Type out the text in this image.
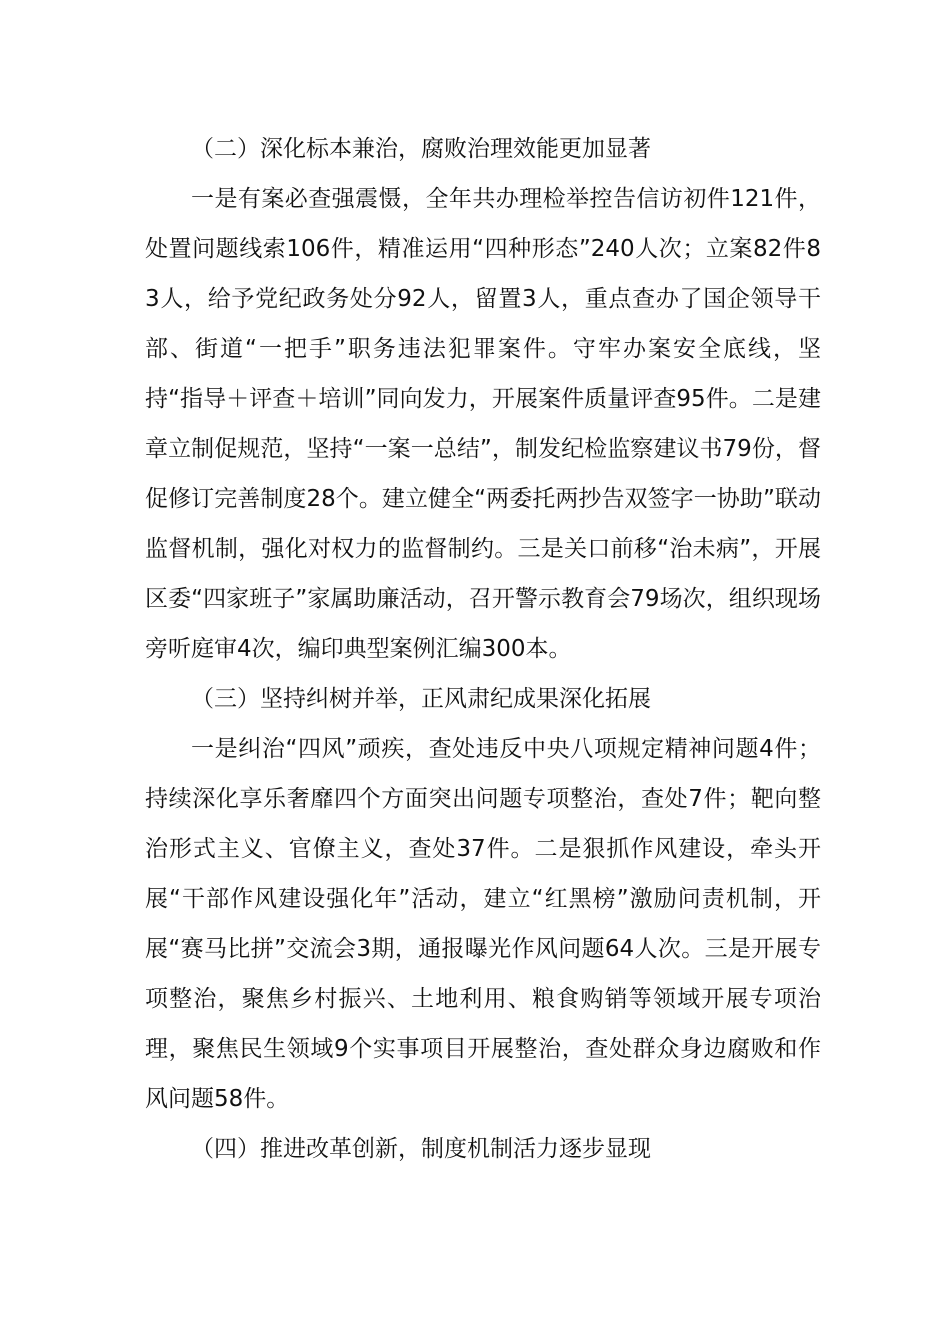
（二）深化标本兼治，腐败治理效能更加显著

一是有案必查强震慑，全年共办理检举控告信访初件121件，处置问题线索106件，精准运用“四种形态”240人次；立案82件83人，给予党纪政务处分92人，留置3人，重点查办了国企领导干部、街道“一把手”职务违法犯罪案件。守牢办案安全底线，坚持“指导＋评查＋培训”同向发力，开展案件质量评查95件。二是建章立制促规范，坚持“一案一总结”，制发纪检监察建议书79份，督促修订完善制度28个。建立健全“两委托两抄告双签字一协助”联动监督机制，强化对权力的监督制约。三是关口前移“治未病”，开展区委“四家班子”家属助廉活动，召开警示教育会79场次，组织现场旁听庭审4次，编印典型案例汇编300本。

（三）坚持纠树并举，正风肃纪成果深化拓展

一是纠治“四风”顽疾，查处违反中央八项规定精神问题4件；持续深化享乐奢靡四个方面突出问题专项整治，查处7件；靶向整治形式主义、官僚主义，查处37件。二是狠抓作风建设，牵头开展“干部作风建设强化年”活动，建立“红黑榜”激励问责机制，开展“赛马比拼”交流会3期，通报曝光作风问题64人次。三是开展专项整治，聚焦乡村振兴、土地利用、粮食购销等领域开展专项治理，聚焦民生领域9个实事项目开展整治，查处群众身边腐败和作风问题58件。

（四）推进改革创新，制度机制活力逐步显现
